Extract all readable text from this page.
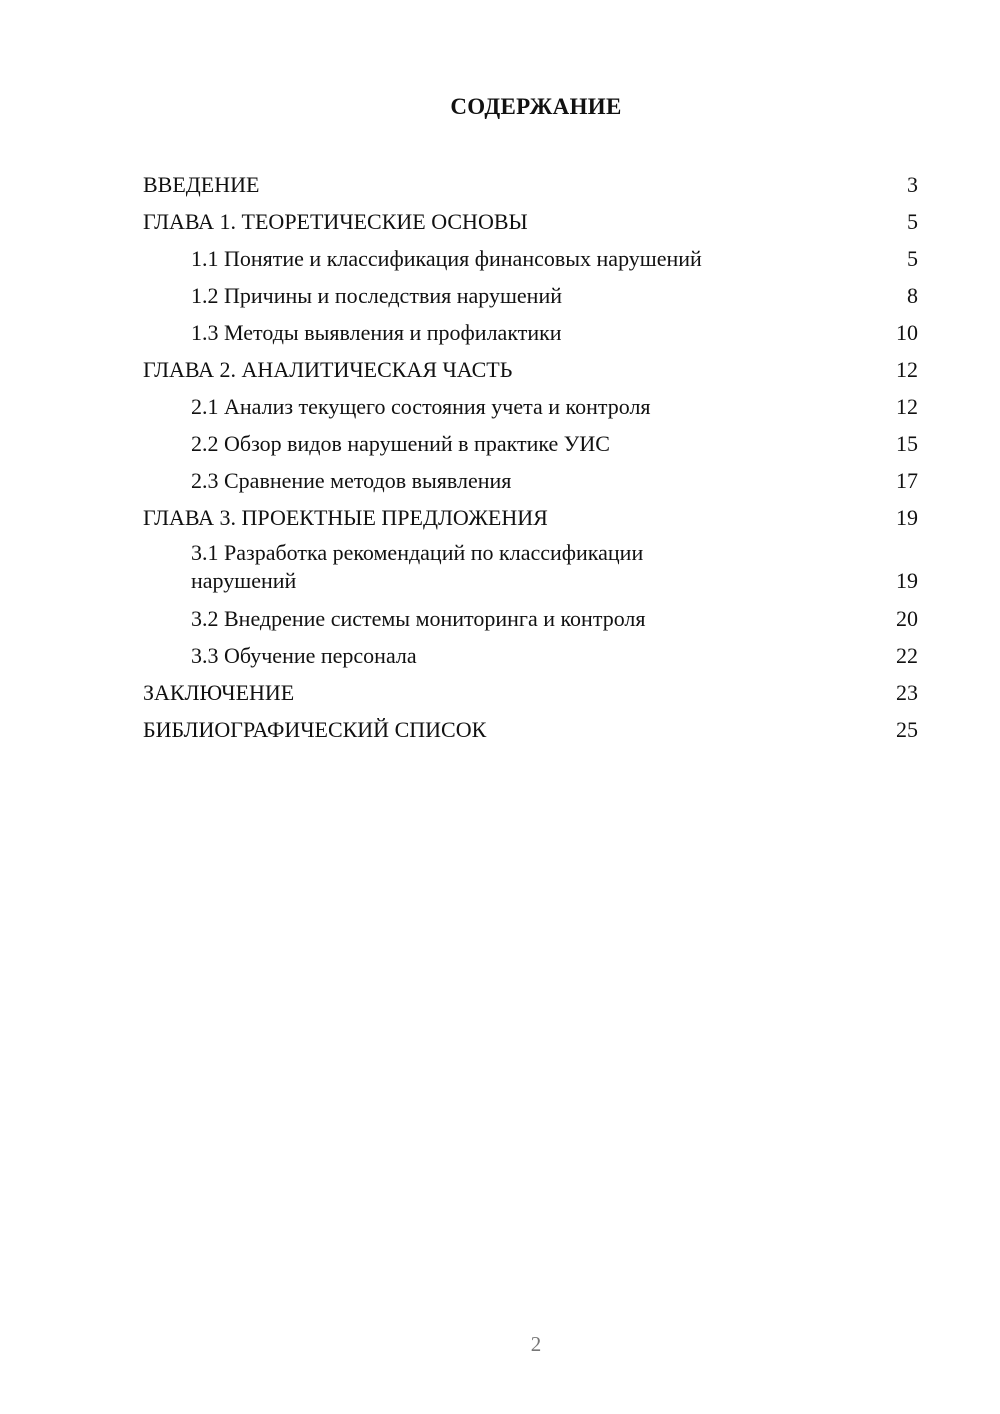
СОДЕРЖАНИЕ
ВВЕДЕНИЕ	3
ГЛАВА 1. ТЕОРЕТИЧЕСКИЕ ОСНОВЫ	5
1.1 Понятие и классификация финансовых нарушений	5
1.2 Причины и последствия нарушений	8
1.3 Методы выявления и профилактики	10
ГЛАВА 2. АНАЛИТИЧЕСКАЯ ЧАСТЬ	12
2.1 Анализ текущего состояния учета и контроля	12
2.2 Обзор видов нарушений в практике УИС	15
2.3 Сравнение методов выявления	17
ГЛАВА 3. ПРОЕКТНЫЕ ПРЕДЛОЖЕНИЯ	19
3.1 Разработка рекомендаций по классификации нарушений	19
3.2 Внедрение системы мониторинга и контроля	20
3.3 Обучение персонала	22
ЗАКЛЮЧЕНИЕ	23
БИБЛИОГРАФИЧЕСКИЙ СПИСОК	25
2
